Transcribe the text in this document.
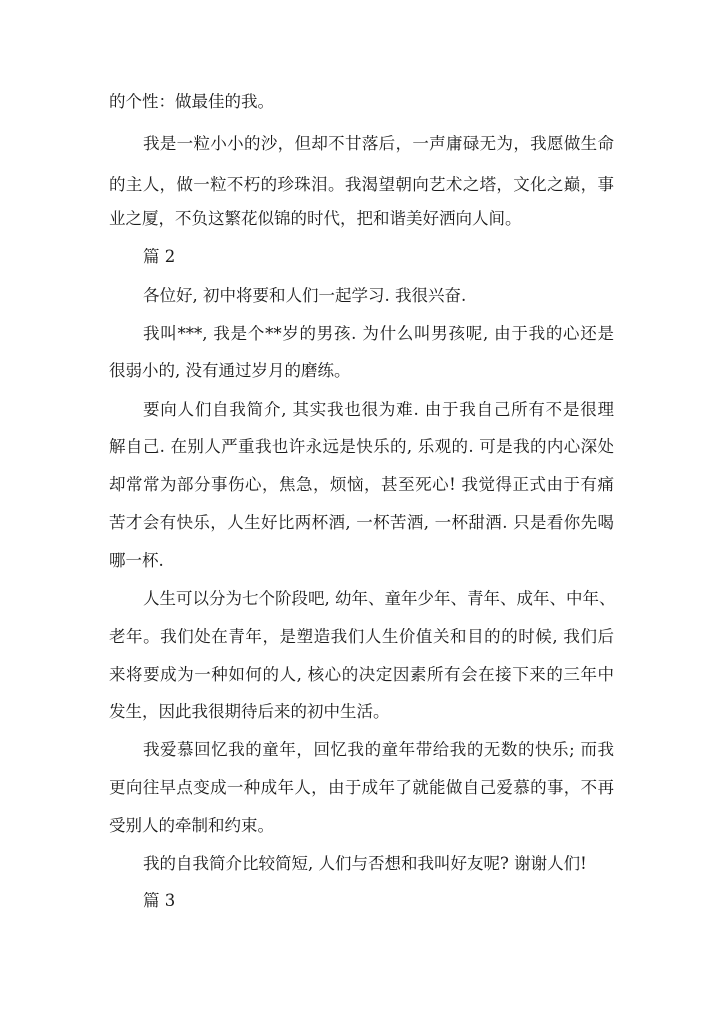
的个性：做最佳的我。
我是一粒小小的沙，但却不甘落后，一声庸碌无为，我愿做生命
的主人，做一粒不朽的珍珠泪。我渴望朝向艺术之塔，文化之巅，事
业之厦，不负这繁花似锦的时代，把和谐美好洒向人间。
篇 2
各位好, 初中将要和人们一起学习. 我很兴奋.
我叫***, 我是个**岁的男孩. 为什么叫男孩呢, 由于我的心还是
很弱小的, 没有通过岁月的磨练。
要向人们自我简介, 其实我也很为难. 由于我自己所有不是很理
解自己. 在别人严重我也许永远是快乐的, 乐观的. 可是我的内心深处
却常常为部分事伤心，焦急，烦恼，甚至死心! 我觉得正式由于有痛
苦才会有快乐，人生好比两杯酒, 一杯苦酒, 一杯甜酒. 只是看你先喝
哪一杯.
人生可以分为七个阶段吧, 幼年、童年少年、青年、成年、中年、
老年。我们处在青年，是塑造我们人生价值关和目的的时候, 我们后
来将要成为一种如何的人, 核心的决定因素所有会在接下来的三年中
发生，因此我很期待后来的初中生活。
我爱慕回忆我的童年，回忆我的童年带给我的无数的快乐; 而我
更向往早点变成一种成年人，由于成年了就能做自己爱慕的事，不再
受别人的牵制和约束。
我的自我简介比较简短, 人们与否想和我叫好友呢? 谢谢人们!
篇 3
